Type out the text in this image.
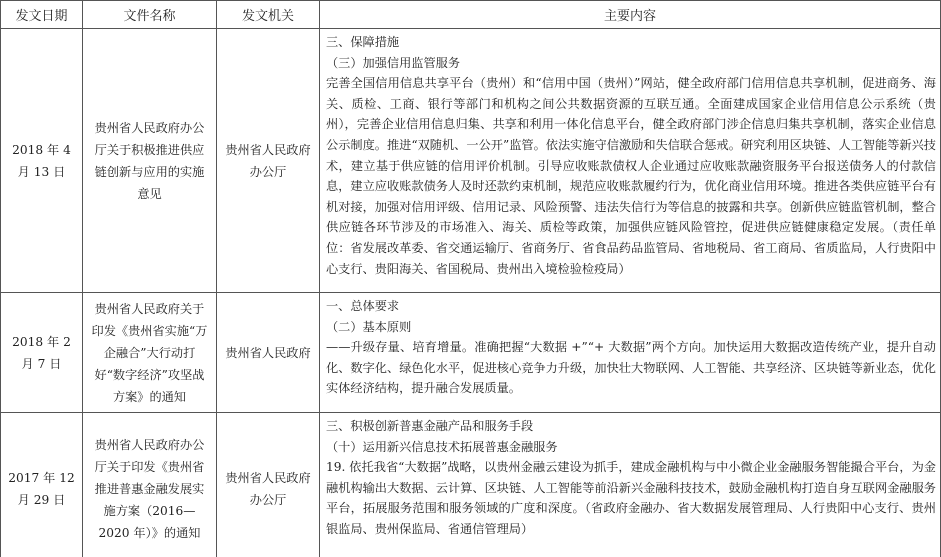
发文日期	文件名称	发文机关	主要内容
2018 年 4 月 13 日	贵州省人民政府办公厅关于积极推进供应链创新与应用的实施意见	贵州省人民政府办公厅	三、保障措施
（三）加强信用监管服务
完善全国信用信息共享平台（贵州）和“信用中国（贵州）”网站，健全政府部门信用信息共享机制，促进商务、海关、质检、工商、银行等部门和机构之间公共数据资源的互联互通。全面建成国家企业信用信息公示系统（贵州），完善企业信用信息归集、共享和利用一体化信息平台，健全政府部门涉企信息归集共享机制，落实企业信息公示制度。推进“双随机、一公开”监管。依法实施守信激励和失信联合惩戒。研究利用区块链、人工智能等新兴技术，建立基于供应链的信用评价机制。引导应收账款债权人企业通过应收账款融资服务平台报送债务人的付款信息，建立应收账款债务人及时还款约束机制，规范应收账款履约行为，优化商业信用环境。推进各类供应链平台有机对接，加强对信用评级、信用记录、风险预警、违法失信行为等信息的披露和共享。创新供应链监管机制，整合供应链各环节涉及的市场准入、海关、质检等政策，加强供应链风险管控，促进供应链健康稳定发展。（责任单位：省发展改革委、省交通运输厅、省商务厅、省食品药品监管局、省地税局、省工商局、省质监局，人行贵阳中心支行、贵阳海关、省国税局、贵州出入境检验检疫局）

2018 年 2 月 7 日	贵州省人民政府关于印发《贵州省实施“万企融合”大行动打好“数字经济”攻坚战方案》的通知	贵州省人民政府	一、总体要求
（二）基本原则
——升级存量、培育增量。准确把握“大数据 +”“+ 大数据”两个方向。加快运用大数据改造传统产业，提升自动化、数字化、绿色化水平，促进核心竞争力升级，加快壮大物联网、人工智能、共享经济、区块链等新业态，优化实体经济结构，提升融合发展质量。

2017 年 12 月 29 日	贵州省人民政府办公厅关于印发《贵州省推进普惠金融发展实施方案（2016—2020 年）》的通知	贵州省人民政府办公厅	三、积极创新普惠金融产品和服务手段
（十）运用新兴信息技术拓展普惠金融服务
19. 依托我省“大数据”战略，以贵州金融云建设为抓手，建成金融机构与中小微企业金融服务智能撮合平台，为金融机构输出大数据、云计算、区块链、人工智能等前沿新兴金融科技技术，鼓励金融机构打造自身互联网金融服务平台，拓展服务范围和服务领域的广度和深度。（省政府金融办、省大数据发展管理局、人行贵阳中心支行、贵州银监局、贵州保监局、省通信管理局）
